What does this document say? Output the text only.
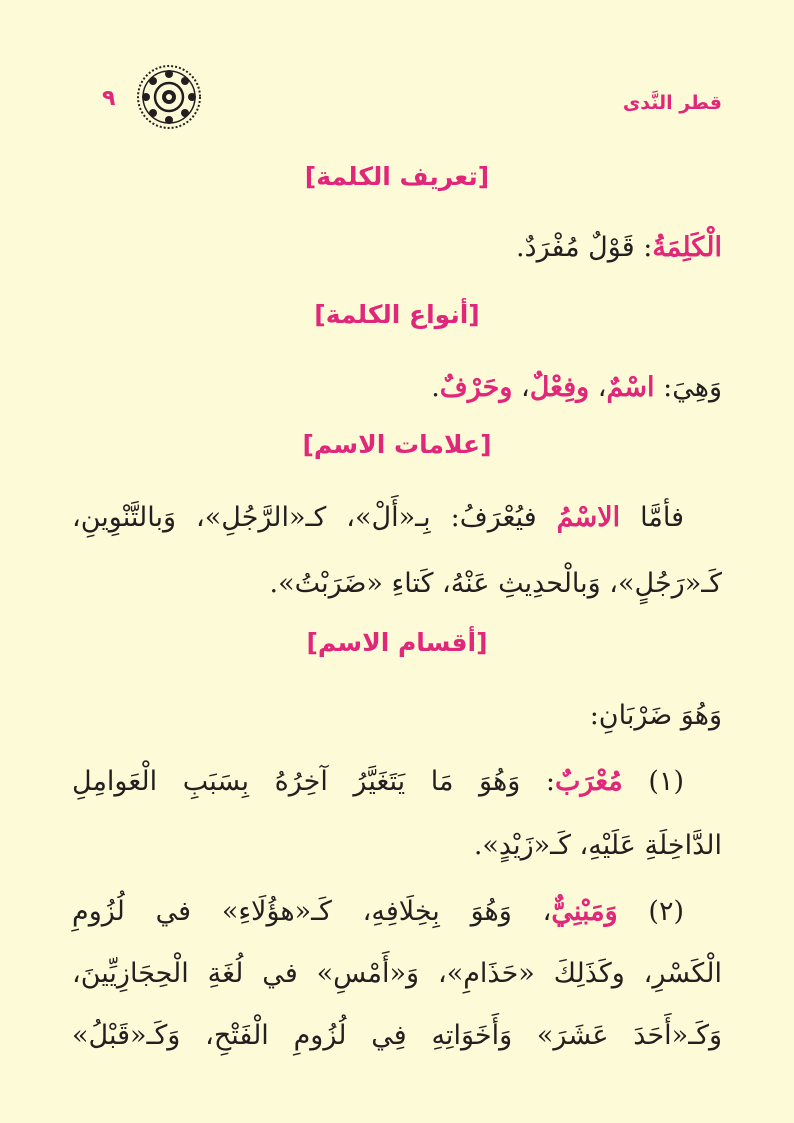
قطر النَّدى
٩
[تعريف الكلمة]
الْكَلِمَةُ: قَوْلٌ مُفْرَدٌ.
[أنواع الكلمة]
وَهِيَ: اسْمٌ، وفِعْلٌ، وحَرْفٌ.
[علامات الاسم]
فأمَّا الاسْمُ فيُعْرَفُ: بِـ«أَلْ»، كـ«الرَّجُلِ»، وَبالتَّنْوِينِ،
كَـ«رَجُلٍ»، وَبالْحدِيثِ عَنْهُ، كَتاءِ «ضَرَبْتُ».
[أقسام الاسم]
وَهُوَ ضَرْبَانِ:
(١) مُعْرَبٌ: وَهُوَ مَا يَتَغَيَّرُ آخِرُهُ بِسَبَبِ الْعَوامِلِ
الدَّاخِلَةِ عَلَيْهِ، كَـ«زَيْدٍ».
(٢) وَمَبْنِيٌّ، وَهُوَ بِخِلَافِهِ، كَـ«هؤُلَاءِ» في لُزُومِ
الْكَسْرِ، وكَذَلِكَ «حَذَامِ»، وَ«أَمْسِ» في لُغَةِ الْحِجَازِيِّينَ،
وَكَـ«أَحَدَ عَشَرَ» وَأَخَوَاتِهِ فِي لُزُومِ الْفَتْحِ، وَكَـ«قَبْلُ»
